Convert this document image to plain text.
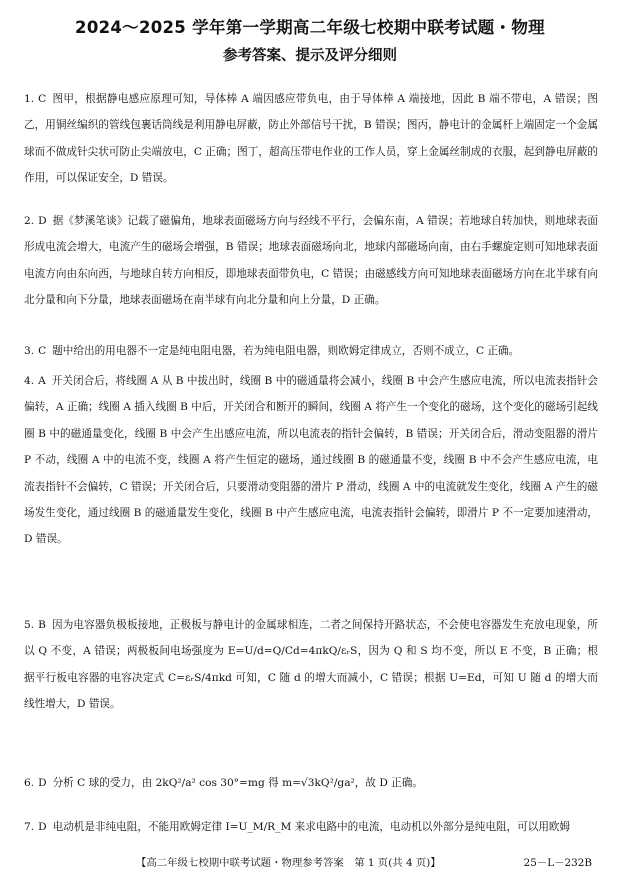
2024～2025 学年第一学期高二年级七校期中联考试题・物理
参考答案、提示及评分细则
1. C 图甲，根据静电感应原理可知，导体棒 A 端因感应带负电，由于导体棒 A 端接地，因此 B 端不带电，A 错误；图乙，用铜丝编织的管线包裹话筒线是利用静电屏蔽，防止外部信号干扰，B 错误；图丙，静电计的金属杆上端固定一个金属球而不做成针尖状可防止尖端放电，C 正确；图丁，超高压带电作业的工作人员，穿上金属丝制成的衣服，起到静电屏蔽的作用，可以保证安全，D 错误。
2. D 据《梦溪笔谈》记载了磁偏角，地球表面磁场方向与经线不平行，会偏东南，A 错误；若地球自转加快，则地球表面形成电流会增大，电流产生的磁场会增强，B 错误；地球表面磁场向北，地球内部磁场向南，由右手螺旋定则可知地球表面电流方向由东向西，与地球自转方向相反，即地球表面带负电，C 错误；由磁感线方向可知地球表面磁场方向在北半球有向北分量和向下分量，地球表面磁场在南半球有向北分量和向上分量，D 正确。
3. C 题中给出的用电器不一定是纯电阻电器，若为纯电阻电器，则欧姆定律成立，否则不成立，C 正确。
4. A 开关闭合后，将线圈 A 从 B 中拔出时，线圈 B 中的磁通量将会减小，线圈 B 中会产生感应电流，所以电流表指针会偏转，A 正确；线圈 A 插入线圈 B 中后，开关闭合和断开的瞬间，线圈 A 将产生一个变化的磁场，这个变化的磁场引起线圈 B 中的磁通量变化，线圈 B 中会产生出感应电流，所以电流表的指针会偏转，B 错误；开关闭合后，滑动变阻器的滑片 P 不动，线圈 A 中的电流不变，线圈 A 将产生恒定的磁场，通过线圈 B 的磁通量不变，线圈 B 中不会产生感应电流，电流表指针不会偏转，C 错误；开关闭合后，只要滑动变阻器的滑片 P 滑动，线圈 A 中的电流就发生变化，线圈 A 产生的磁场发生变化，通过线圈 B 的磁通量发生变化，线圈 B 中产生感应电流，电流表指针会偏转，即滑片 P 不一定要加速滑动，D 错误。
5. B 因为电容器负极板接地，正极板与静电计的金属球相连，二者之间保持开路状态，不会使电容器发生充放电现象，所以 Q 不变，A 错误；两极板间电场强度为 E=U/d=Q/Cd=4πkQ/εᵣS，因为 Q 和 S 均不变，所以 E 不变，B 正确；根据平行板电容器的电容决定式 C=εᵣS/4πkd 可知，C 随 d 的增大而减小，C 错误；根据 U=Ed，可知 U 随 d 的增大而线性增大，D 错误。
6. D 分析 C 球的受力，由 2kQ²/a² cos 30°=mg 得 m=√3kQ²/ga²，故 D 正确。
7. D 电动机是非纯电阻，不能用欧姆定律 I=U_M/R_M 来求电路中的电流，电动机以外部分是纯电阻，可以用欧姆
【高二年级七校期中联考试题・物理参考答案　第 1 页(共 4 页)】	25－L－232B
